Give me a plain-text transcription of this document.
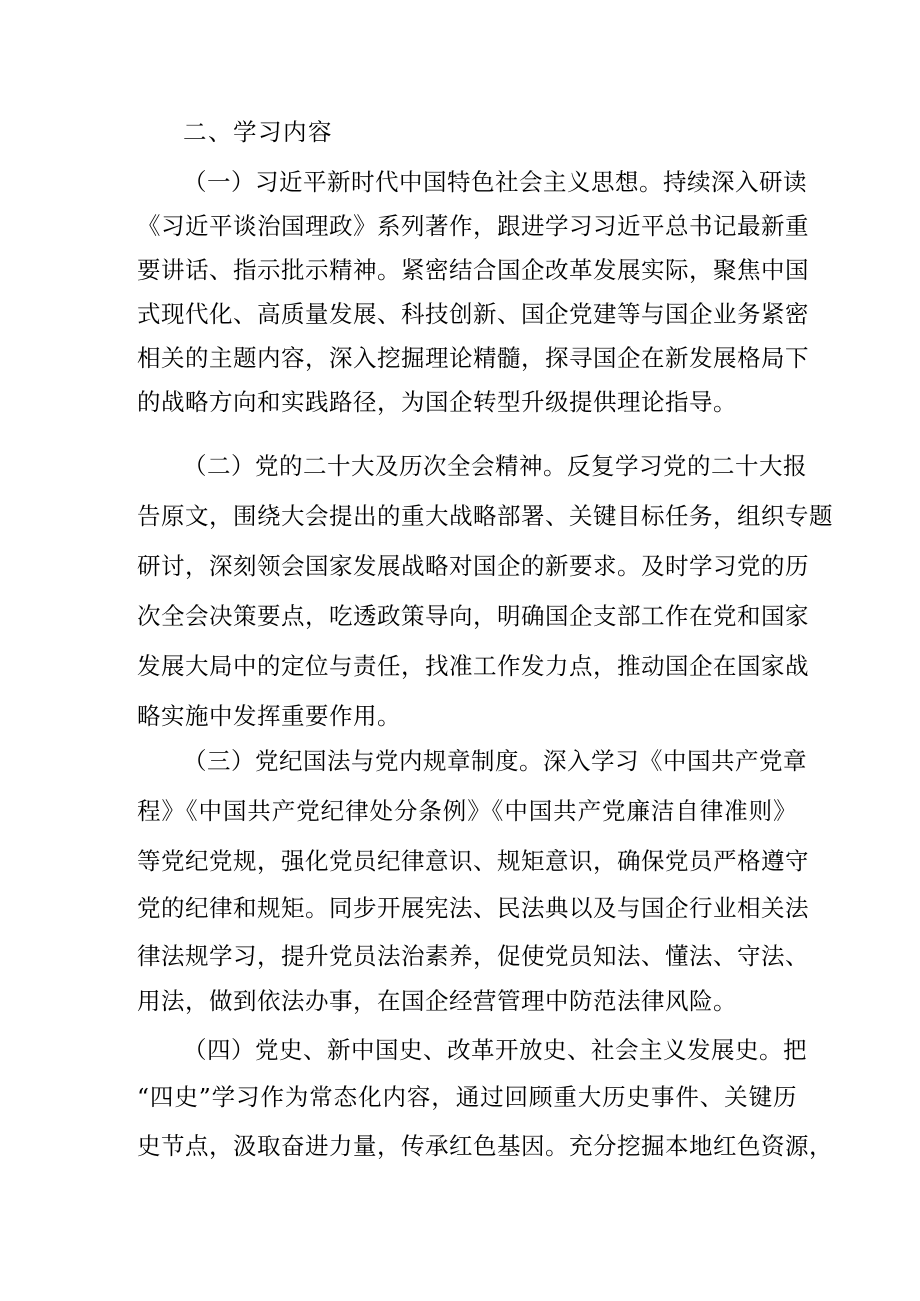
二、学习内容
（一）习近平新时代中国特色社会主义思想。持续深入研读
《习近平谈治国理政》系列著作，跟进学习习近平总书记最新重
要讲话、指示批示精神。紧密结合国企改革发展实际，聚焦中国
式现代化、高质量发展、科技创新、国企党建等与国企业务紧密
相关的主题内容，深入挖掘理论精髓，探寻国企在新发展格局下
的战略方向和实践路径，为国企转型升级提供理论指导。
（二）党的二十大及历次全会精神。反复学习党的二十大报
告原文，围绕大会提出的重大战略部署、关键目标任务，组织专题
研讨，深刻领会国家发展战略对国企的新要求。及时学习党的历
次全会决策要点，吃透政策导向，明确国企支部工作在党和国家
发展大局中的定位与责任，找准工作发力点，推动国企在国家战
略实施中发挥重要作用。
（三）党纪国法与党内规章制度。深入学习《中国共产党章
程》《中国共产党纪律处分条例》《中国共产党廉洁自律准则》
等党纪党规，强化党员纪律意识、规矩意识，确保党员严格遵守
党的纪律和规矩。同步开展宪法、民法典以及与国企行业相关法
律法规学习，提升党员法治素养，促使党员知法、懂法、守法、
用法，做到依法办事，在国企经营管理中防范法律风险。
（四）党史、新中国史、改革开放史、社会主义发展史。把
“四史”学习作为常态化内容，通过回顾重大历史事件、关键历
史节点，汲取奋进力量，传承红色基因。充分挖掘本地红色资源，
